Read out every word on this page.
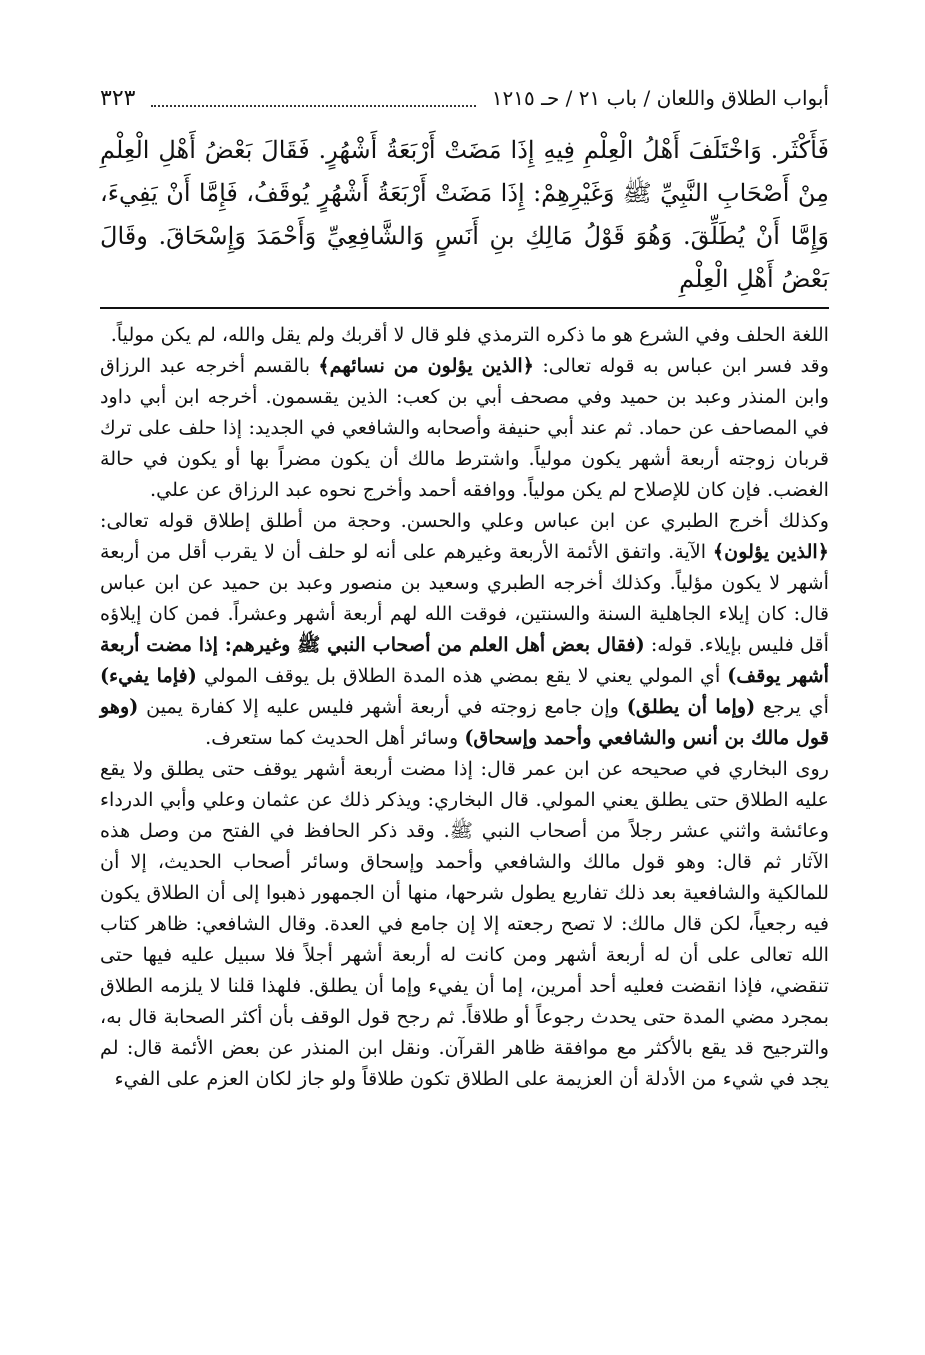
أبواب الطلاق واللعان / باب ٢١ / حـ ١٢١٥
٣٢٣

فَأَكْثَر. وَاخْتَلَفَ أَهْلُ الْعِلْمِ فِيهِ إِذَا مَضَتْ أَرْبَعَةُ أَشْهُرٍ. فَقَالَ بَعْضُ أَهْلِ الْعِلْمِ مِنْ أَصْحَابِ النَّبِيِّ ﷺ وَغَيْرِهِمْ: إِذَا مَضَتْ أَرْبَعَةُ أَشْهُرٍ يُوقَفُ، فَإِمَّا أَنْ يَفِيءَ، وَإِمَّا أَنْ يُطَلِّقَ. وَهُوَ قَوْلُ مَالِكِ بنِ أَنَسٍ وَالشَّافِعِيِّ وَأَحْمَدَ وَإِسْحَاقَ. وقَالَ بَعْضُ أَهْلِ الْعِلْمِ

اللغة الحلف وفي الشرع هو ما ذكره الترمذي فلو قال لا أقربك ولم يقل والله، لم يكن مولياً.

وقد فسر ابن عباس به قوله تعالى: ﴿الذين يؤلون من نسائهم﴾ بالقسم أخرجه عبد الرزاق وابن المنذر وعبد بن حميد وفي مصحف أبي بن كعب: الذين يقسمون. أخرجه ابن أبي داود في المصاحف عن حماد. ثم عند أبي حنيفة وأصحابه والشافعي في الجديد: إذا حلف على ترك قربان زوجته أربعة أشهر يكون مولياً. واشترط مالك أن يكون مضراً بها أو يكون في حالة الغضب. فإن كان للإصلاح لم يكن مولياً. ووافقه أحمد وأخرج نحوه عبد الرزاق عن علي.

وكذلك أخرج الطبري عن ابن عباس وعلي والحسن. وحجة من أطلق إطلاق قوله تعالى: ﴿الذين يؤلون﴾ الآية. واتفق الأئمة الأربعة وغيرهم على أنه لو حلف أن لا يقرب أقل من أربعة أشهر لا يكون مؤلياً. وكذلك أخرجه الطبري وسعيد بن منصور وعبد بن حميد عن ابن عباس قال: كان إيلاء الجاهلية السنة والسنتين، فوقت الله لهم أربعة أشهر وعشراً. فمن كان إيلاؤه أقل فليس بإيلاء. قوله: (فقال بعض أهل العلم من أصحاب النبي ﷺ وغيرهم: إذا مضت أربعة أشهر يوقف) أي المولي يعني لا يقع بمضي هذه المدة الطلاق بل يوقف المولي (فإما يفيء) أي يرجع (وإما أن يطلق) وإن جامع زوجته في أربعة أشهر فليس عليه إلا كفارة يمين (وهو قول مالك بن أنس والشافعي وأحمد وإسحاق) وسائر أهل الحديث كما ستعرف.

روى البخاري في صحيحه عن ابن عمر قال: إذا مضت أربعة أشهر يوقف حتى يطلق ولا يقع عليه الطلاق حتى يطلق يعني المولي. قال البخاري: ويذكر ذلك عن عثمان وعلي وأبي الدرداء وعائشة واثني عشر رجلاً من أصحاب النبي ﷺ. وقد ذكر الحافظ في الفتح من وصل هذه الآثار ثم قال: وهو قول مالك والشافعي وأحمد وإسحاق وسائر أصحاب الحديث، إلا أن للمالكية والشافعية بعد ذلك تفاريع يطول شرحها، منها أن الجمهور ذهبوا إلى أن الطلاق يكون فيه رجعياً، لكن قال مالك: لا تصح رجعته إلا إن جامع في العدة. وقال الشافعي: ظاهر كتاب الله تعالى على أن له أربعة أشهر ومن كانت له أربعة أشهر أجلاً فلا سبيل عليه فيها حتى تنقضي، فإذا انقضت فعليه أحد أمرين، إما أن يفيء وإما أن يطلق. فلهذا قلنا لا يلزمه الطلاق بمجرد مضي المدة حتى يحدث رجوعاً أو طلاقاً. ثم رجح قول الوقف بأن أكثر الصحابة قال به، والترجيح قد يقع بالأكثر مع موافقة ظاهر القرآن. ونقل ابن المنذر عن بعض الأئمة قال: لم يجد في شيء من الأدلة أن العزيمة على الطلاق تكون طلاقاً ولو جاز لكان العزم على الفيء
